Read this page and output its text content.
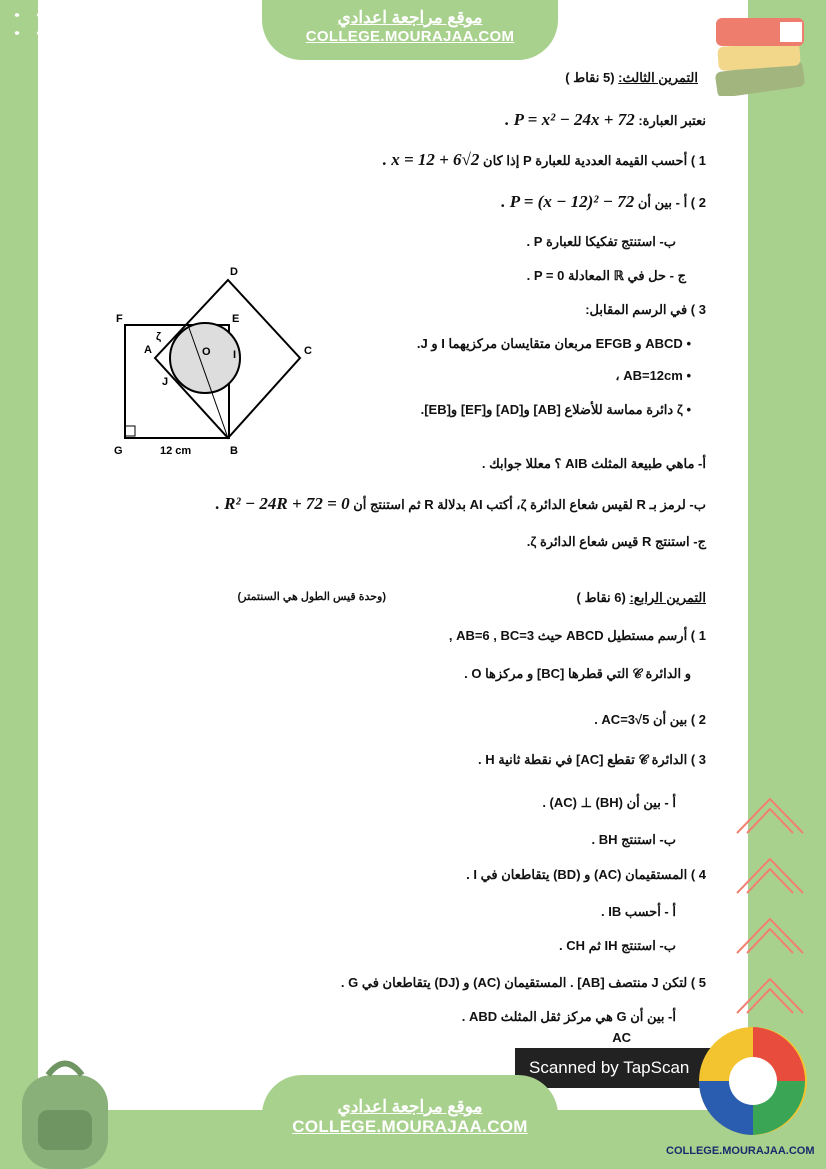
موقع مراجعة اعدادي
COLLEGE.MOURAJAA.COM
التمرين الثالث: (5 نقاط )
نعتبر العبارة: P = x² − 24x + 72 .
1 ) أحسب القيمة العددية للعبارة P إذا كان x = 12 + 6√2 .
2 ) أ - بين أن P = (x − 12)² − 72 .
ب- استنتج تفكيكا للعبارة P .
ج - حل في ℝ المعادلة P = 0 .
3 ) في الرسم المقابل:
• ABCD و EFGB مربعان متقايسان مركزيهما I و J.
• AB=12cm ،
• ζ دائرة مماسة للأضلاع [AB] و[AD] و[EF] و[EB].
أ- ماهي طبيعة المثلث AIB ؟ معللا جوابك .
ب- لرمز بـ R لقيس شعاع الدائرة ζ، أكتب AI بدلالة R ثم استنتج أن R² − 24R + 72 = 0 .
ج- استنتج R قيس شعاع الدائرة ζ.
D
F	E
ζ
A	O I	C
J
G	B
12 cm
التمرين الرابع: (6 نقاط )
(وحدة قيس الطول هي السنتمتر)
1 ) أرسم مستطيل ABCD حيث AB=6 , BC=3 ,
و الدائرة 𝒞 التي قطرها [BC] و مركزها O .
2 ) بين أن AC=3√5 .
3 ) الدائرة 𝒞 تقطع [AC] في نقطة ثانية H .
أ - بين أن (BH) ⊥ (AC) .
ب- استنتج BH .
4 ) المستقيمان (AC) و (BD) يتقاطعان في I .
أ - أحسب IB .
ب- استنتج IH ثم CH .
5 ) لتكن J منتصف [AB] . المستقيمان (AC) و (DJ) يتقاطعان في G .
أ- بين أن G هي مركز ثقل المثلث ABD .
AC
Scanned by TapScan
COLLEGE.MOURAJAA.COM
موقع مراجعة اعدادي
COLLEGE.MOURAJAA.COM
